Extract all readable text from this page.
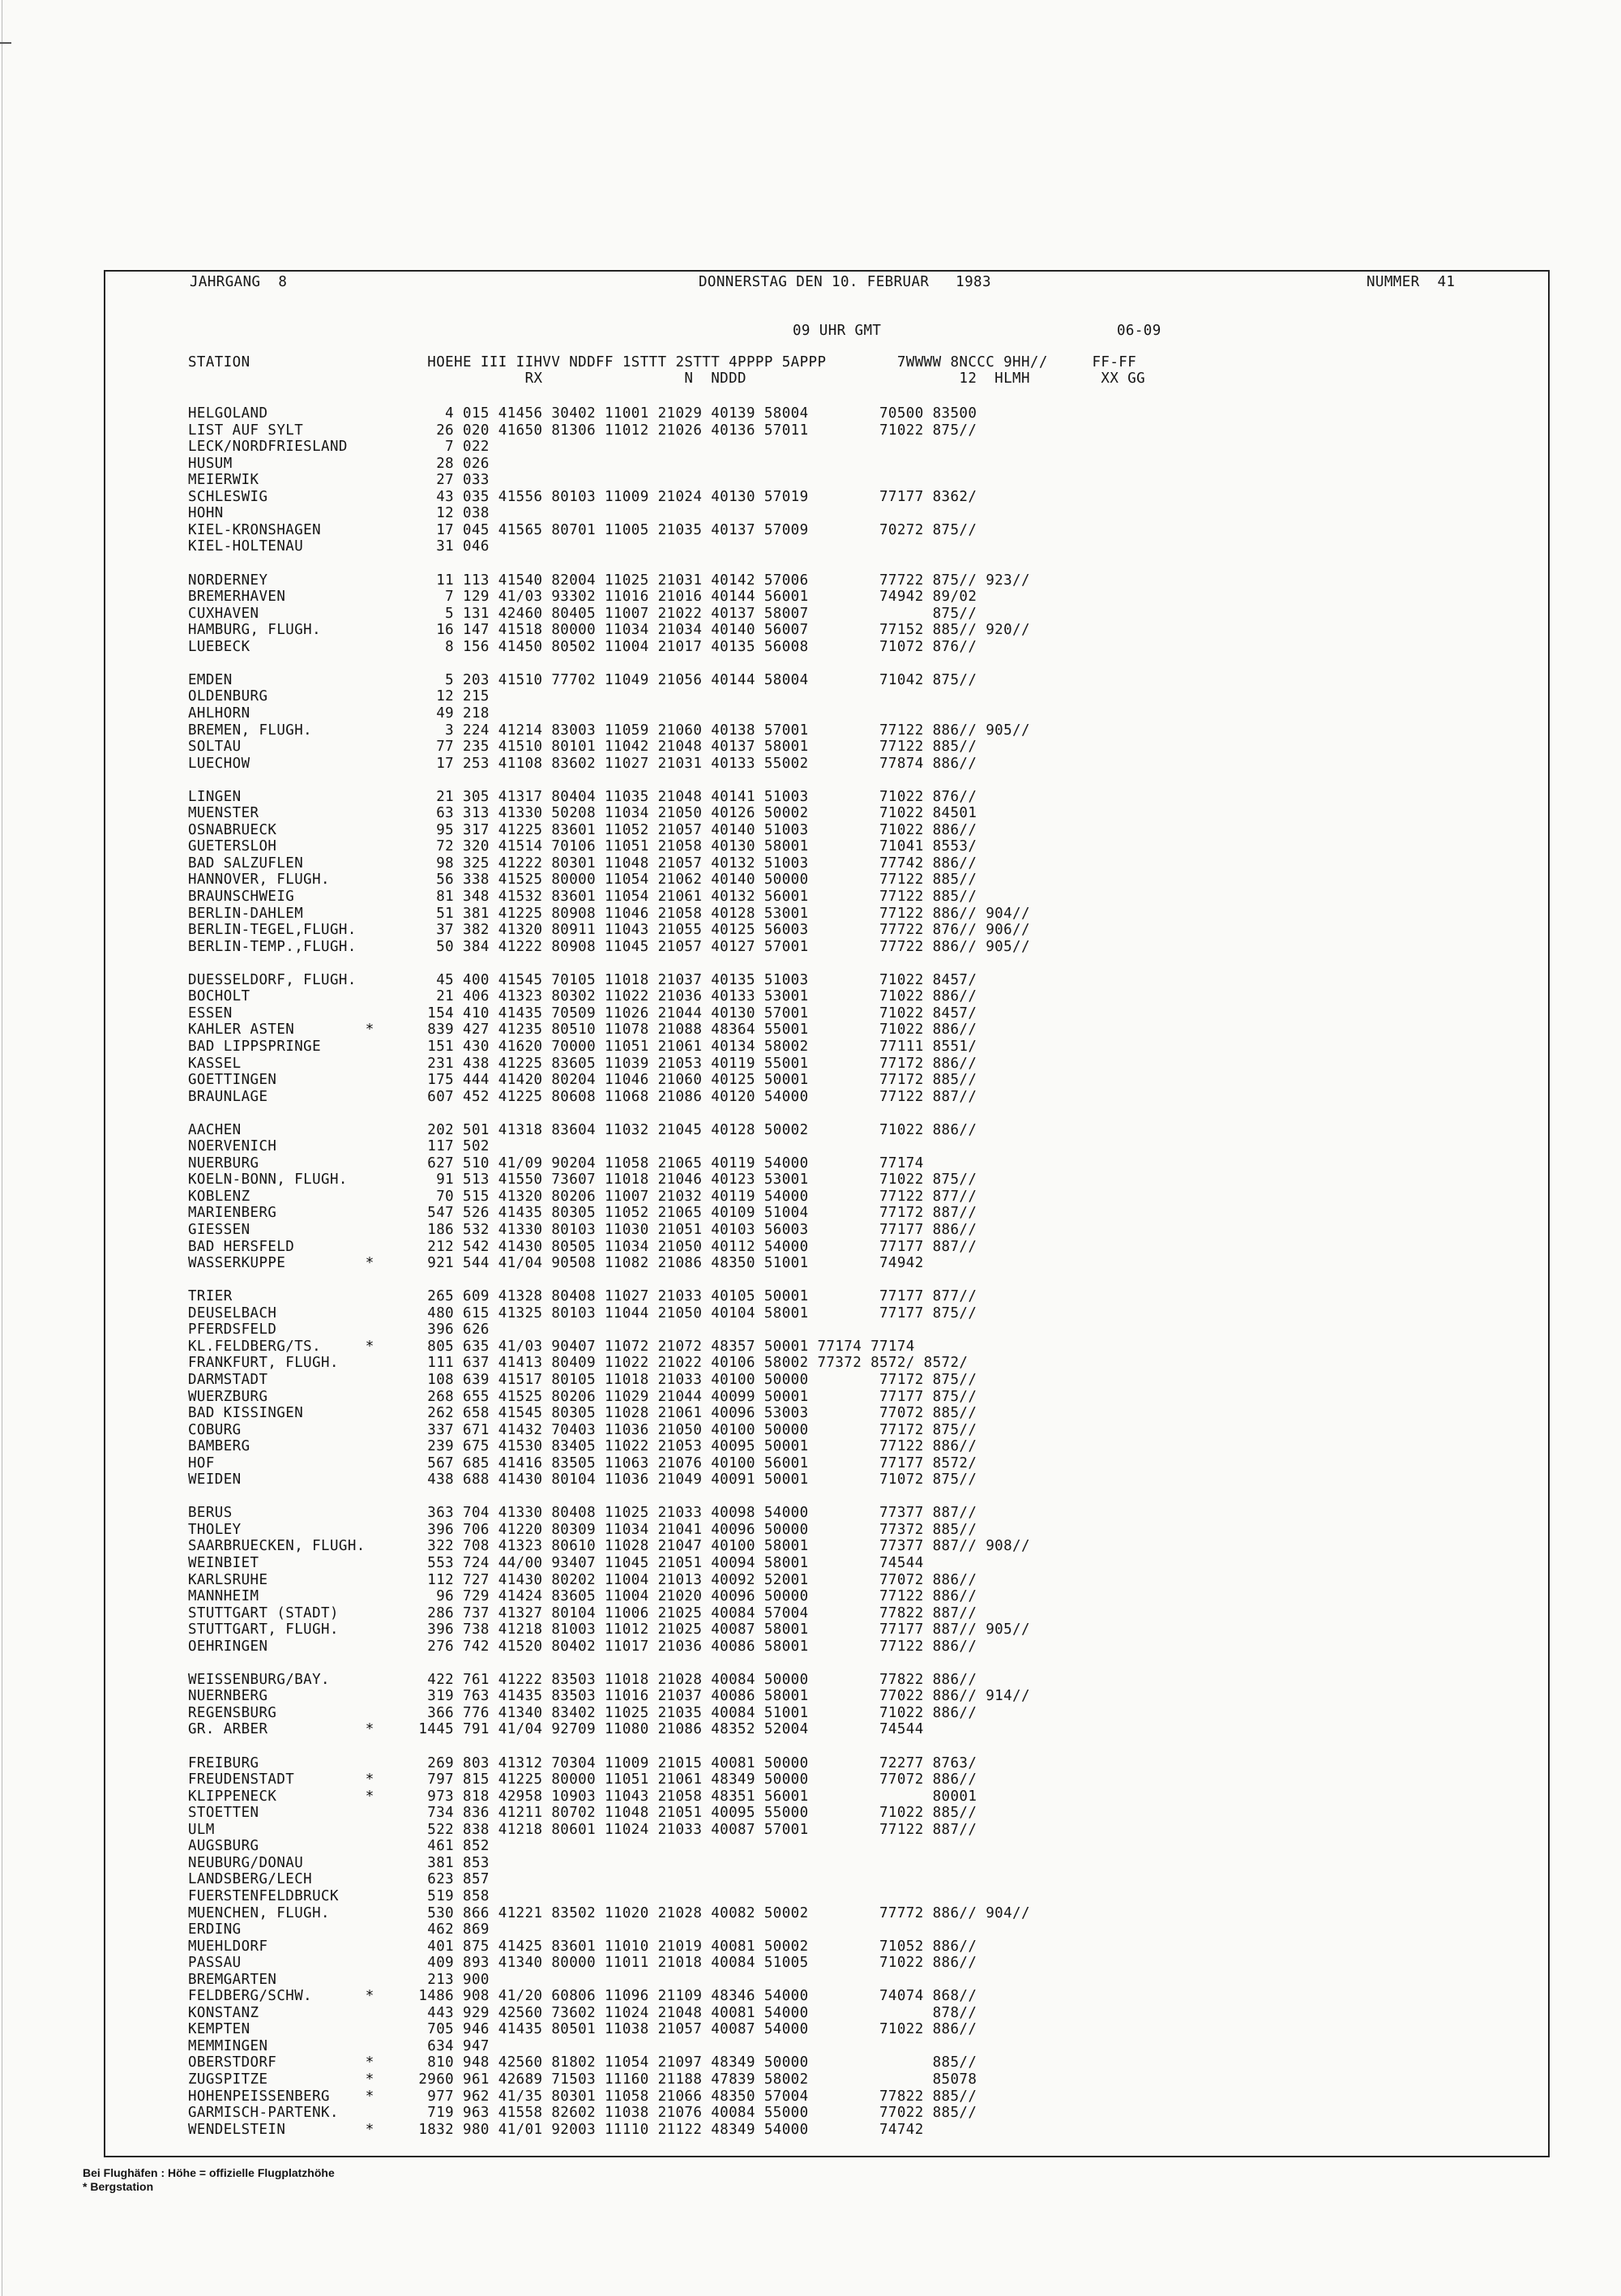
JAHRGANG  8	DONNERSTAG DEN 10. FEBRUAR   1983	NUMMER  41
09 UHR GMT	06-09
STATION                    HOEHE III IIHVV NDDFF 1STTT 2STTT 4PPPP 5APPP        7WWWW 8NCCC 9HH//     FF-FF
RX                N  NDDD                        12  HLMH        XX GG
HELGOLAND                    4 015 41456 30402 11001 21029 40139 58004        70500 83500
LIST AUF SYLT               26 020 41650 81306 11012 21026 40136 57011        71022 875//
LECK/NORDFRIESLAND           7 022
HUSUM                       28 026
MEIERWIK                    27 033
SCHLESWIG                   43 035 41556 80103 11009 21024 40130 57019        77177 8362/
HOHN                        12 038
KIEL-KRONSHAGEN             17 045 41565 80701 11005 21035 40137 57009        70272 875//
KIEL-HOLTENAU               31 046
NORDERNEY                   11 113 41540 82004 11025 21031 40142 57006        77722 875// 923//
BREMERHAVEN                  7 129 41/03 93302 11016 21016 40144 56001        74942 89/02
CUXHAVEN                     5 131 42460 80405 11007 21022 40137 58007              875//
HAMBURG, FLUGH.             16 147 41518 80000 11034 21034 40140 56007        77152 885// 920//
LUEBECK                      8 156 41450 80502 11004 21017 40135 56008        71072 876//
EMDEN                        5 203 41510 77702 11049 21056 40144 58004        71042 875//
OLDENBURG                   12 215
AHLHORN                     49 218
BREMEN, FLUGH.               3 224 41214 83003 11059 21060 40138 57001        77122 886// 905//
SOLTAU                      77 235 41510 80101 11042 21048 40137 58001        77122 885//
LUECHOW                     17 253 41108 83602 11027 21031 40133 55002        77874 886//
LINGEN                      21 305 41317 80404 11035 21048 40141 51003        71022 876//
MUENSTER                    63 313 41330 50208 11034 21050 40126 50002        71022 84501
OSNABRUECK                  95 317 41225 83601 11052 21057 40140 51003        71022 886//
GUETERSLOH                  72 320 41514 70106 11051 21058 40130 58001        71041 8553/
BAD SALZUFLEN               98 325 41222 80301 11048 21057 40132 51003        77742 886//
HANNOVER, FLUGH.            56 338 41525 80000 11054 21062 40140 50000        77122 885//
BRAUNSCHWEIG                81 348 41532 83601 11054 21061 40132 56001        77122 885//
BERLIN-DAHLEM               51 381 41225 80908 11046 21058 40128 53001        77122 886// 904//
BERLIN-TEGEL,FLUGH.         37 382 41320 80911 11043 21055 40125 56003        77722 876// 906//
BERLIN-TEMP.,FLUGH.         50 384 41222 80908 11045 21057 40127 57001        77722 886// 905//
DUESSELDORF, FLUGH.         45 400 41545 70105 11018 21037 40135 51003        71022 8457/
BOCHOLT                     21 406 41323 80302 11022 21036 40133 53001        71022 886//
ESSEN                      154 410 41435 70509 11026 21044 40130 57001        71022 8457/
KAHLER ASTEN        *      839 427 41235 80510 11078 21088 48364 55001        71022 886//
BAD LIPPSPRINGE            151 430 41620 70000 11051 21061 40134 58002        77111 8551/
KASSEL                     231 438 41225 83605 11039 21053 40119 55001        77172 886//
GOETTINGEN                 175 444 41420 80204 11046 21060 40125 50001        77172 885//
BRAUNLAGE                  607 452 41225 80608 11068 21086 40120 54000        77122 887//
AACHEN                     202 501 41318 83604 11032 21045 40128 50002        71022 886//
NOERVENICH                 117 502
NUERBURG                   627 510 41/09 90204 11058 21065 40119 54000        77174
KOELN-BONN, FLUGH.          91 513 41550 73607 11018 21046 40123 53001        71022 875//
KOBLENZ                     70 515 41320 80206 11007 21032 40119 54000        77122 877//
MARIENBERG                 547 526 41435 80305 11052 21065 40109 51004        77172 887//
GIESSEN                    186 532 41330 80103 11030 21051 40103 56003        77177 886//
BAD HERSFELD               212 542 41430 80505 11034 21050 40112 54000        77177 887//
WASSERKUPPE         *      921 544 41/04 90508 11082 21086 48350 51001        74942
TRIER                      265 609 41328 80408 11027 21033 40105 50001        77177 877//
DEUSELBACH                 480 615 41325 80103 11044 21050 40104 58001        77177 875//
PFERDSFELD                 396 626
KL.FELDBERG/TS.     *      805 635 41/03 90407 11072 21072 48357 50001 77174 77174
FRANKFURT, FLUGH.          111 637 41413 80409 11022 21022 40106 58002 77372 8572/ 8572/
DARMSTADT                  108 639 41517 80105 11018 21033 40100 50000        77172 875//
WUERZBURG                  268 655 41525 80206 11029 21044 40099 50001        77177 875//
BAD KISSINGEN              262 658 41545 80305 11028 21061 40096 53003        77072 885//
COBURG                     337 671 41432 70403 11036 21050 40100 50000        77172 875//
BAMBERG                    239 675 41530 83405 11022 21053 40095 50001        77122 886//
HOF                        567 685 41416 83505 11063 21076 40100 56001        77177 8572/
WEIDEN                     438 688 41430 80104 11036 21049 40091 50001        71072 875//
BERUS                      363 704 41330 80408 11025 21033 40098 54000        77377 887//
THOLEY                     396 706 41220 80309 11034 21041 40096 50000        77372 885//
SAARBRUECKEN, FLUGH.       322 708 41323 80610 11028 21047 40100 58001        77377 887// 908//
WEINBIET                   553 724 44/00 93407 11045 21051 40094 58001        74544
KARLSRUHE                  112 727 41430 80202 11004 21013 40092 52001        77072 886//
MANNHEIM                    96 729 41424 83605 11004 21020 40096 50000        77122 886//
STUTTGART (STADT)          286 737 41327 80104 11006 21025 40084 57004        77822 887//
STUTTGART, FLUGH.          396 738 41218 81003 11012 21025 40087 58001        77177 887// 905//
OEHRINGEN                  276 742 41520 80402 11017 21036 40086 58001        77122 886//
WEISSENBURG/BAY.           422 761 41222 83503 11018 21028 40084 50000        77822 886//
NUERNBERG                  319 763 41435 83503 11016 21037 40086 58001        77022 886// 914//
REGENSBURG                 366 776 41340 83402 11025 21035 40084 51001        71022 886//
GR. ARBER           *     1445 791 41/04 92709 11080 21086 48352 52004        74544
FREIBURG                   269 803 41312 70304 11009 21015 40081 50000        72277 8763/
FREUDENSTADT        *      797 815 41225 80000 11051 21061 48349 50000        77072 886//
KLIPPENECK          *      973 818 42958 10903 11043 21058 48351 56001              80001
STOETTEN                   734 836 41211 80702 11048 21051 40095 55000        71022 885//
ULM                        522 838 41218 80601 11024 21033 40087 57001        77122 887//
AUGSBURG                   461 852
NEUBURG/DONAU              381 853
LANDSBERG/LECH             623 857
FUERSTENFELDBRUCK          519 858
MUENCHEN, FLUGH.           530 866 41221 83502 11020 21028 40082 50002        77772 886// 904//
ERDING                     462 869
MUEHLDORF                  401 875 41425 83601 11010 21019 40081 50002        71052 886//
PASSAU                     409 893 41340 80000 11011 21018 40084 51005        71022 886//
BREMGARTEN                 213 900
FELDBERG/SCHW.      *     1486 908 41/20 60806 11096 21109 48346 54000        74074 868//
KONSTANZ                   443 929 42560 73602 11024 21048 40081 54000              878//
KEMPTEN                    705 946 41435 80501 11038 21057 40087 54000        71022 886//
MEMMINGEN                  634 947
OBERSTDORF          *      810 948 42560 81802 11054 21097 48349 50000              885//
ZUGSPITZE           *     2960 961 42689 71503 11160 21188 47839 58002              85078
HOHENPEISSENBERG    *      977 962 41/35 80301 11058 21066 48350 57004        77822 885//
GARMISCH-PARTENK.          719 963 41558 82602 11038 21076 40084 55000        77022 885//
WENDELSTEIN         *     1832 980 41/01 92003 11110 21122 48349 54000        74742
Bei Flughäfen : Höhe = offizielle Flugplatzhöhe
* Bergstation
